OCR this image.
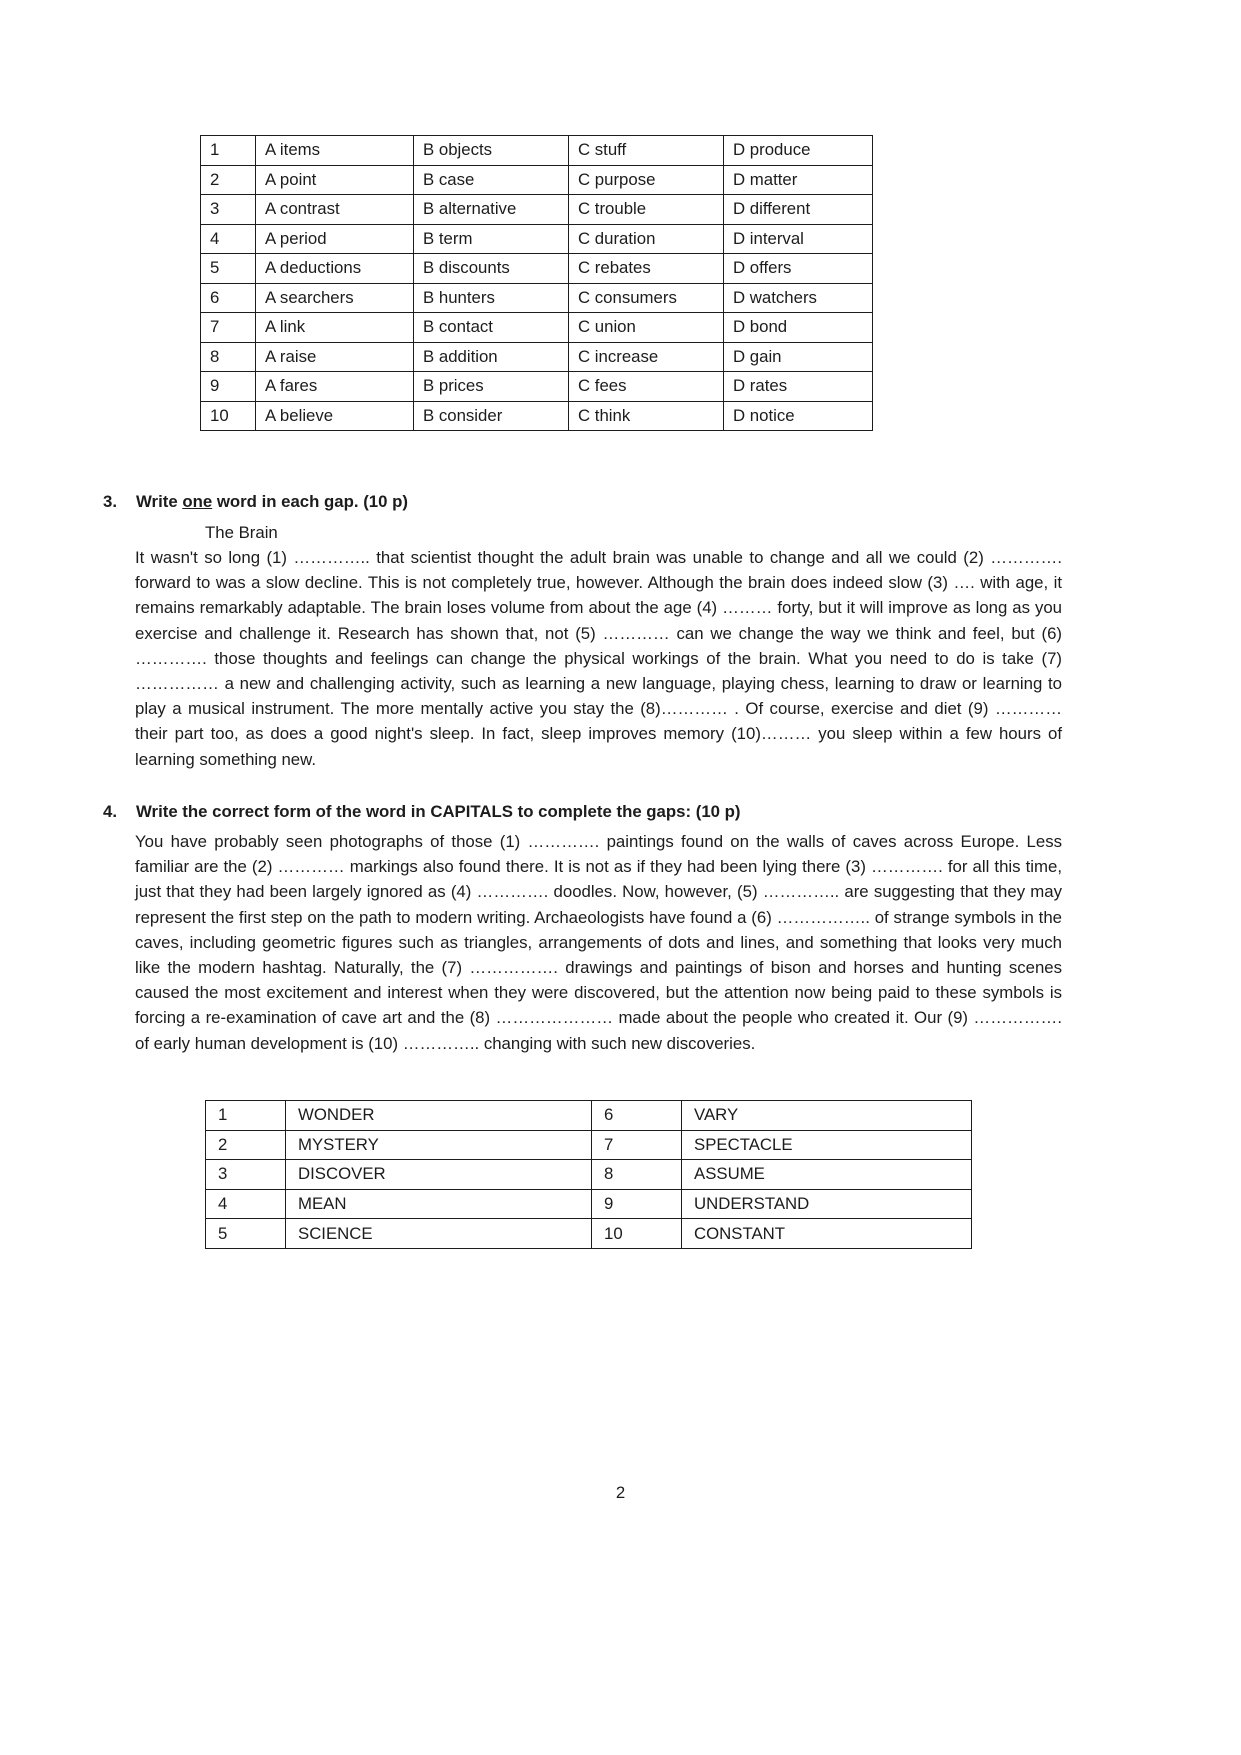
1	A items	B objects	C stuff	D produce
2	A point	B case	C purpose	D matter
3	A contrast	B alternative	C trouble	D different
4	A period	B term	C duration	D interval
5	A deductions	B discounts	C rebates	D offers
6	A searchers	B hunters	C consumers	D watchers
7	A link	B contact	C union	D bond
8	A raise	B addition	C increase	D gain
9	A fares	B prices	C fees	D rates
10	A believe	B consider	C think	D notice
3.	Write one word in each gap. (10 p)
The Brain

It wasn't so long (1) ………….. that scientist thought the adult brain was unable to change and all we could (2) …………. forward to was a slow decline. This is not completely true, however. Although the brain does indeed slow (3) …. with age, it remains remarkably adaptable. The brain loses volume from about the age (4) ……… forty, but it will improve as long as you exercise and challenge it. Research has shown that, not (5) ………… can we change the way we think and feel, but (6) …………. those thoughts and feelings can change the physical workings of the brain. What you need to do is take (7) …………… a new and challenging activity, such as learning a new language, playing chess, learning to draw or learning to play a musical instrument. The more mentally active you stay the (8)………… . Of course, exercise and diet (9) ………… their part too, as does a good night's sleep. In fact, sleep improves memory (10)……… you sleep within a few hours of learning something new.

4.	Write the correct form of the word in CAPITALS to complete the gaps: (10 p)

You have probably seen photographs of those (1) …………. paintings found on the walls of caves across Europe. Less familiar are the (2) ………… markings also found there. It is not as if they had been lying there (3) …………. for all this time, just that they had been largely ignored as (4) …………. doodles. Now, however, (5) ………….. are suggesting that they may represent the first step on the path to modern writing. Archaeologists have found a (6) …………….. of strange symbols in the caves, including geometric figures such as triangles, arrangements of dots and lines, and something that looks very much like the modern hashtag. Naturally, the (7) ……………. drawings and paintings of bison and horses and hunting scenes caused the most excitement and interest when they were discovered, but the attention now being paid to these symbols is forcing a re-examination of cave art and the (8) ………………… made about the people who created it. Our (9) ……………. of early human development is (10) ………….. changing with such new discoveries.

1	WONDER	6	VARY
2	MYSTERY	7	SPECTACLE
3	DISCOVER	8	ASSUME
4	MEAN	9	UNDERSTAND
5	SCIENCE	10	CONSTANT
2
